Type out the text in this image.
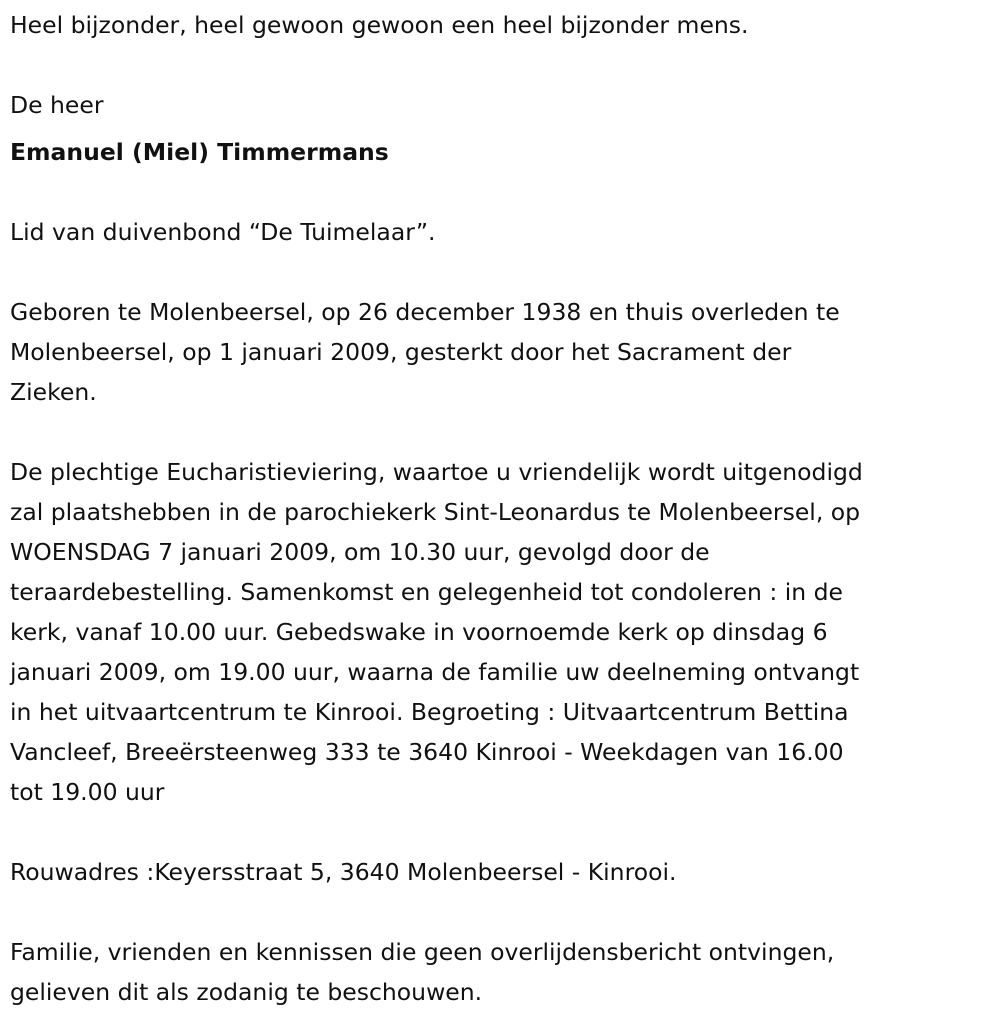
Heel bijzonder, heel gewoon gewoon een heel bijzonder mens.
De heer
Emanuel (Miel) Timmermans
Lid van duivenbond “De Tuimelaar”.
Geboren te Molenbeersel, op 26 december 1938 en thuis overleden te
Molenbeersel, op 1 januari 2009, gesterkt door het Sacrament der
Zieken.
De plechtige Eucharistieviering, waartoe u vriendelijk wordt uitgenodigd
zal plaatshebben in de parochiekerk Sint-Leonardus te Molenbeersel, op
WOENSDAG 7 januari 2009, om 10.30 uur, gevolgd door de
teraardebestelling. Samenkomst en gelegenheid tot condoleren : in de
kerk, vanaf 10.00 uur. Gebedswake in voornoemde kerk op dinsdag 6
januari 2009, om 19.00 uur, waarna de familie uw deelneming ontvangt
in het uitvaartcentrum te Kinrooi. Begroeting : Uitvaartcentrum Bettina
Vancleef, Breeërsteenweg 333 te 3640 Kinrooi - Weekdagen van 16.00
tot 19.00 uur
Rouwadres :Keyersstraat 5, 3640 Molenbeersel - Kinrooi.
Familie, vrienden en kennissen die geen overlijdensbericht ontvingen,
gelieven dit als zodanig te beschouwen.
